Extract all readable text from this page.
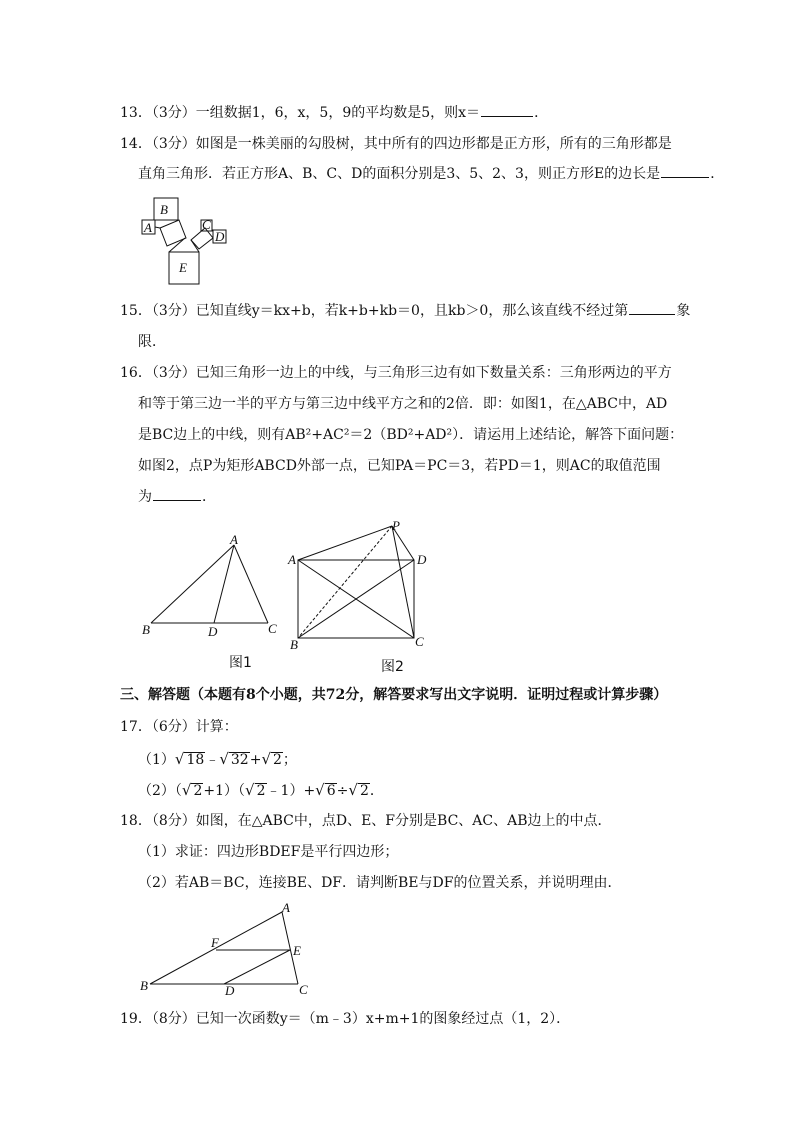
13．（3分）一组数据1，6，x，5，9的平均数是5，则x＝	．
14．（3分）如图是一株美丽的勾股树，其中所有的四边形都是正方形，所有的三角形都是
直角三角形．若正方形A、B、C、D的面积分别是3、5、2、3，则正方形E的边长是	．
A
B
C
D
E
15．（3分）已知直线y＝kx+b，若k+b+kb＝0，且kb＞0，那么该直线不经过第	象
限．
16．（3分）已知三角形一边上的中线，与三角形三边有如下数量关系：三角形两边的平方
和等于第三边一半的平方与第三边中线平方之和的2倍．即：如图1，在△ABC中，AD
是BC边上的中线，则有AB²+AC²＝2（BD²+AD²）．请运用上述结论，解答下面问题：
如图2，点P为矩形ABCD外部一点，已知PA＝PC＝3，若PD＝1，则AC的取值范围
为	．
A
B	D	C
P
A	D
B	C
图1	图2
三、解答题（本题有8个小题，共72分，解答要求写出文字说明．证明过程或计算步骤）
17．（6分）计算：
（1）√ 18﹣√ 32+√ 2；
（2）（√ 2+1）（√ 2﹣1）+√ 6÷√ 2．
18．（8分）如图，在△ABC中，点D、E、F分别是BC、AC、AB边上的中点．
（1）求证：四边形BDEF是平行四边形；
（2）若AB＝BC，连接BE、DF．请判断BE与DF的位置关系，并说明理由．
A
F
E
B	D	C
19．（8分）已知一次函数y＝（m﹣3）x+m+1的图象经过点（1，2）．
